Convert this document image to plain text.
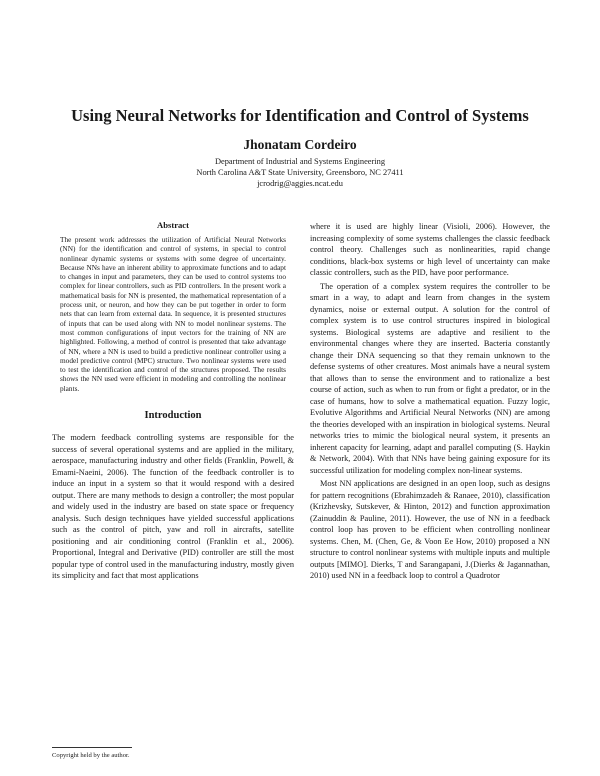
Using Neural Networks for Identification and Control of Systems
Jhonatam Cordeiro
Department of Industrial and Systems Engineering
North Carolina A&T State University, Greensboro, NC 27411
jcrodrig@aggies.ncat.edu
Abstract

The present work addresses the utilization of Artificial Neural Networks (NN) for the identification and control of systems, in special to control nonlinear dynamic systems or systems with some degree of uncertainty. Because NNs have an inherent ability to approximate functions and to adapt to changes in input and parameters, they can be used to control systems too complex for linear controllers, such as PID controllers. In the present work a mathematical basis for NN is presented, the mathematical representation of a process unit, or neuron, and how they can be put together in order to form nets that can learn from external data. In sequence, it is presented structures of inputs that can be used along with NN to model nonlinear systems. The most common configurations of input vectors for the training of NN are highlighted. Following, a method of control is presented that take advantage of NN, where a NN is used to build a predictive nonlinear controller using a model predictive control (MPC) structure. Two nonlinear systems were used to test the identification and control of the structures proposed. The results shows the NN used were efficient in modeling and controlling the nonlinear plants.

Introduction

The modern feedback controlling systems are responsible for the success of several operational systems and are applied in the military, aerospace, manufacturing industry and other fields (Franklin, Powell, & Emami-Naeini, 2006). The function of the feedback controller is to induce an input in a system so that it would respond with a desired output. There are many methods to design a controller; the most popular and widely used in the industry are based on state space or frequency analysis. Such design techniques have yielded successful applications such as the control of pitch, yaw and roll in aircrafts, satellite positioning and air conditioning control (Franklin et al., 2006). Proportional, Integral and Derivative (PID) controller are still the most popular type of control used in the manufacturing industry, mostly given its simplicity and fact that most applications

where it is used are highly linear (Visioli, 2006). However, the increasing complexity of some systems challenges the classic feedback control theory. Challenges such as nonlinearities, rapid change conditions, black-box systems or high level of uncertainty can make classic controllers, such as the PID, have poor performance.

The operation of a complex system requires the controller to be smart in a way, to adapt and learn from changes in the system dynamics, noise or external output. A solution for the control of complex system is to use control structures inspired in biological systems. Biological systems are adaptive and resilient to the environmental changes where they are inserted. Bacteria constantly change their DNA sequencing so that they remain unknown to the defense systems of other creatures. Most animals have a neural system that allows than to sense the environment and to rationalize a best course of action, such as when to run from or fight a predator, or in the case of humans, how to solve a mathematical equation. Fuzzy logic, Evolutive Algorithms and Artificial Neural Networks (NN) are among the theories developed with an inspiration in biological systems. Neural networks tries to mimic the biological neural system, it presents an inherent capacity for learning, adapt and parallel computing (S. Haykin & Network, 2004). With that NNs have being gaining exposure for its successful utilization for modeling complex non-linear systems.

Most NN applications are designed in an open loop, such as designs for pattern recognitions (Ebrahimzadeh & Ranaee, 2010), classification (Krizhevsky, Sutskever, & Hinton, 2012) and function approximation (Zainuddin & Pauline, 2011). However, the use of NN in a feedback control loop has proven to be efficient when controlling nonlinear systems. Chen, M. (Chen, Ge, & Voon Ee How, 2010) proposed a NN structure to control nonlinear systems with multiple inputs and multiple outputs [MIMO]. Dierks, T and Sarangapani, J.(Dierks & Jagannathan, 2010) used NN in a feedback loop to control a Quadrotor

Copyright held by the author.
